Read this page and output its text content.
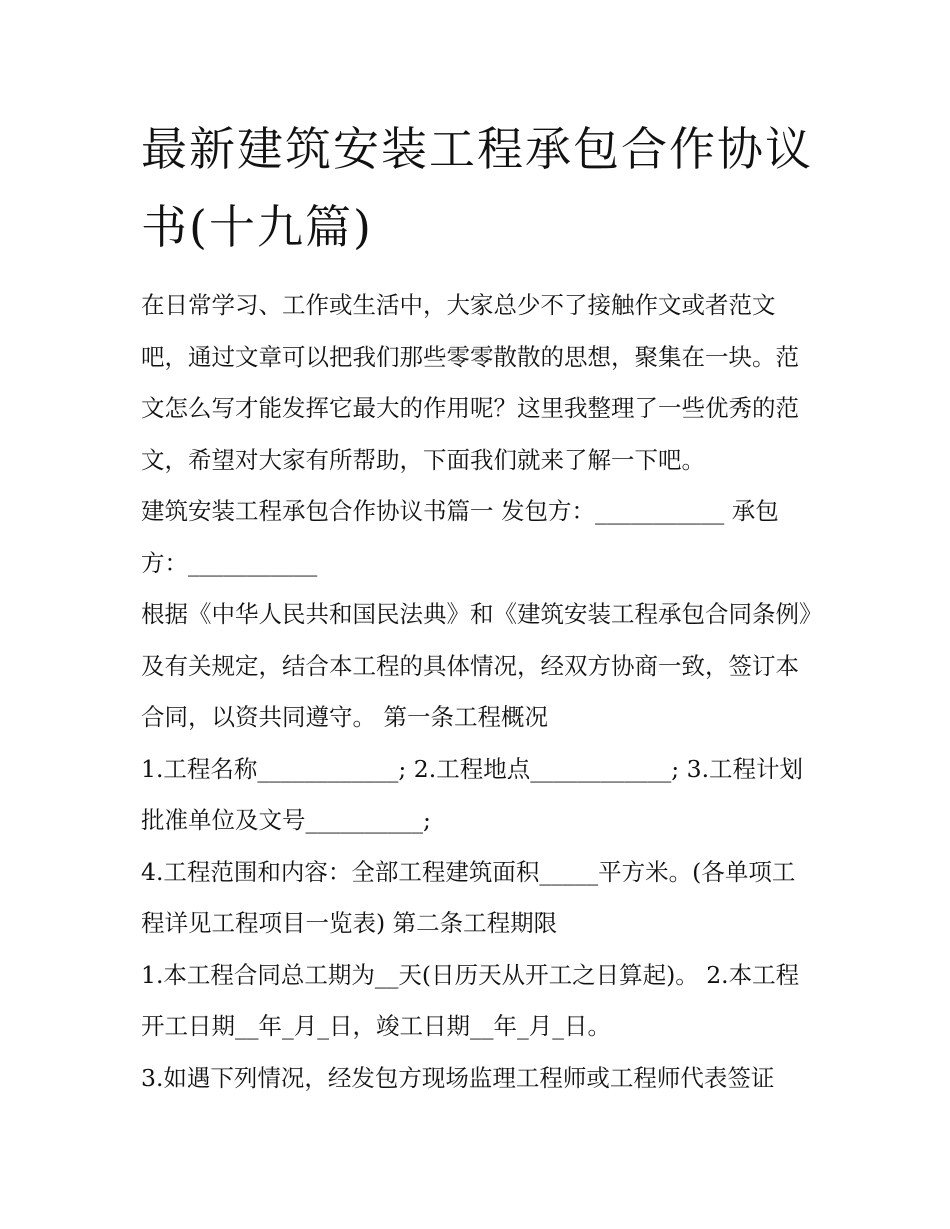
最新建筑安装工程承包合作协议书(十九篇)

在日常学习、工作或生活中，大家总少不了接触作文或者范文吧，通过文章可以把我们那些零零散散的思想，聚集在一块。范文怎么写才能发挥它最大的作用呢？这里我整理了一些优秀的范文，希望对大家有所帮助，下面我们就来了解一下吧。

建筑安装工程承包合作协议书篇一 发包方：___________ 承包方：___________

根据《中华人民共和国民法典》和《建筑安装工程承包合同条例》及有关规定，结合本工程的具体情况，经双方协商一致，签订本合同，以资共同遵守。 第一条工程概况

1.工程名称____________; 2.工程地点____________; 3.工程计划批准单位及文号__________;

4.工程范围和内容：全部工程建筑面积_____平方米。(各单项工程详见工程项目一览表) 第二条工程期限

1.本工程合同总工期为__天(日历天从开工之日算起)。 2.本工程开工日期__年_月_日，竣工日期__年_月_日。

3.如遇下列情况，经发包方现场监理工程师或工程师代表签证
